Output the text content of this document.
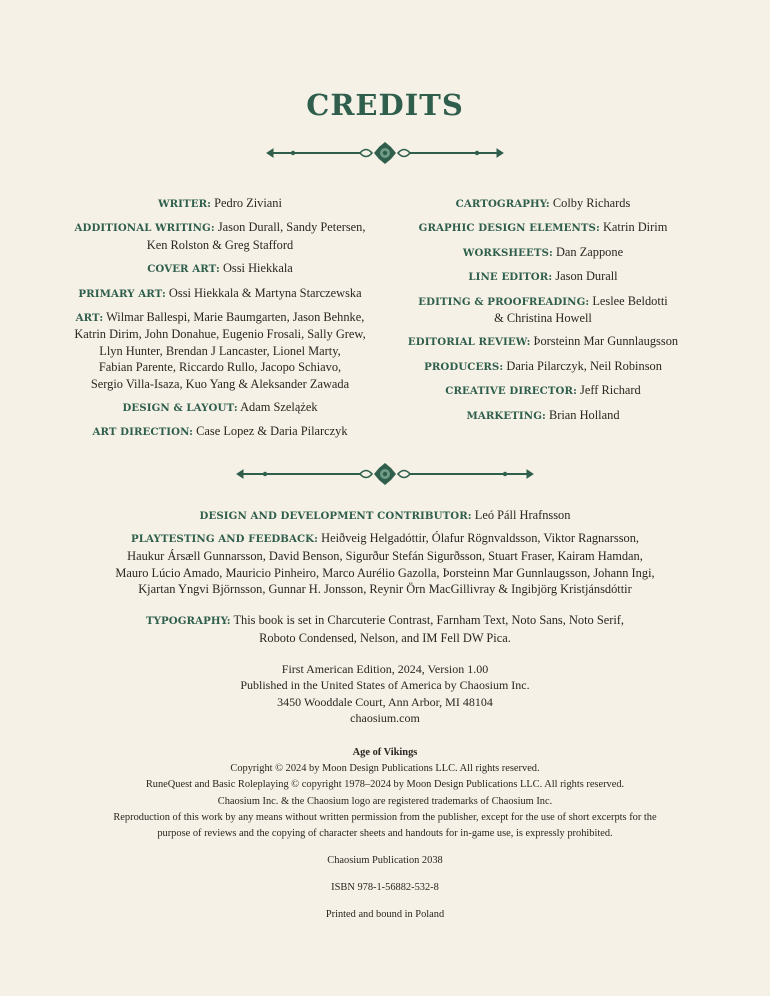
CREDITS
WRITER: Pedro Ziviani
ADDITIONAL WRITING: Jason Durall, Sandy Petersen,
Ken Rolston & Greg Stafford
COVER ART: Ossi Hiekkala
PRIMARY ART: Ossi Hiekkala & Martyna Starczewska
ART: Wilmar Ballespi, Marie Baumgarten, Jason Behnke,
Katrin Dirim, John Donahue, Eugenio Frosali, Sally Grew,
Llyn Hunter, Brendan J Lancaster, Lionel Marty,
Fabian Parente, Riccardo Rullo, Jacopo Schiavo,
Sergio Villa-Isaza, Kuo Yang & Aleksander Zawada
DESIGN & LAYOUT: Adam Szelążek
ART DIRECTION: Case Lopez & Daria Pilarczyk
CARTOGRAPHY: Colby Richards
GRAPHIC DESIGN ELEMENTS: Katrin Dirim
WORKSHEETS: Dan Zappone
LINE EDITOR: Jason Durall
EDITING & PROOFREADING: Leslee Beldotti
& Christina Howell
EDITORIAL REVIEW: Þorsteinn Mar Gunnlaugsson
PRODUCERS: Daria Pilarczyk, Neil Robinson
CREATIVE DIRECTOR: Jeff Richard
MARKETING: Brian Holland
DESIGN AND DEVELOPMENT CONTRIBUTOR: Leó Páll Hrafnsson
PLAYTESTING AND FEEDBACK: Heiðveig Helgadóttir, Ólafur Rögnvaldsson, Viktor Ragnarsson,
Haukur Ársæll Gunnarsson, David Benson, Sigurður Stefán Sigurðsson, Stuart Fraser, Kairam Hamdan,
Mauro Lúcio Amado, Mauricio Pinheiro, Marco Aurélio Gazolla, Þorsteinn Mar Gunnlaugsson, Johann Ingi,
Kjartan Yngvi Björnsson, Gunnar H. Jonsson, Reynir Örn MacGillivray & Ingibjörg Kristjánsdóttir
TYPOGRAPHY: This book is set in Charcuterie Contrast, Farnham Text, Noto Sans, Noto Serif,
Roboto Condensed, Nelson, and IM Fell DW Pica.
First American Edition, 2024, Version 1.00
Published in the United States of America by Chaosium Inc.
3450 Wooddale Court, Ann Arbor, MI 48104
chaosium.com
Age of Vikings
Copyright © 2024 by Moon Design Publications LLC. All rights reserved.
RuneQuest and Basic Roleplaying © copyright 1978–2024 by Moon Design Publications LLC. All rights reserved.
Chaosium Inc. & the Chaosium logo are registered trademarks of Chaosium Inc.
Reproduction of this work by any means without written permission from the publisher, except for the use of short excerpts for the
purpose of reviews and the copying of character sheets and handouts for in-game use, is expressly prohibited.
Chaosium Publication 2038
ISBN 978-1-56882-532-8
Printed and bound in Poland
